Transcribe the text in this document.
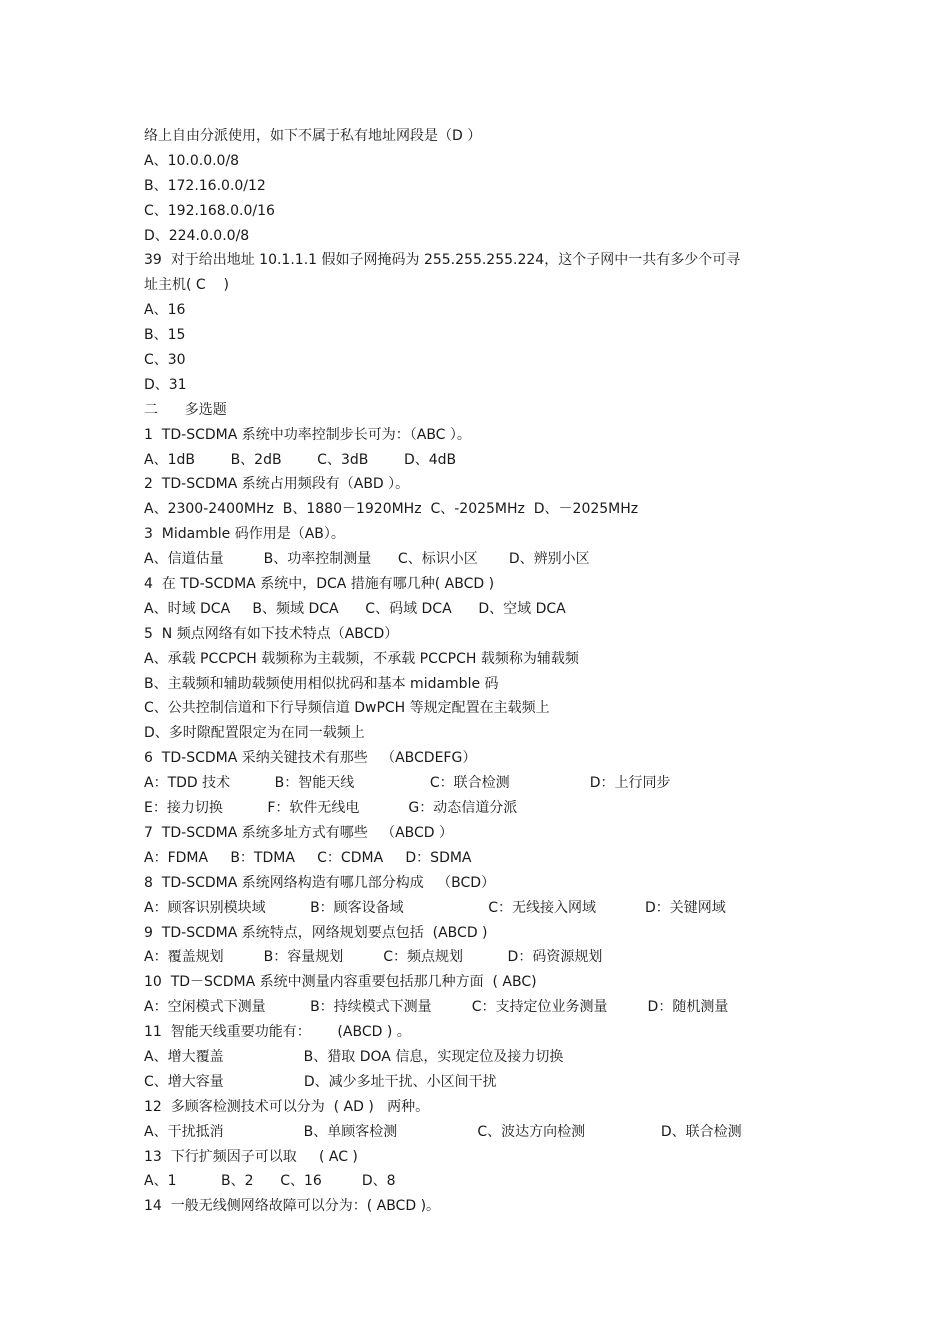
络上自由分派使用，如下不属于私有地址网段是（D ）
A、10.0.0.0/8
B、172.16.0.0/12
C、192.168.0.0/16
D、224.0.0.0/8
39  对于给出地址 10.1.1.1 假如子网掩码为 255.255.255.224，这个子网中一共有多少个可寻
址主机( C    )
A、16
B、15
C、30
D、31
二      多选题
1  TD-SCDMA 系统中功率控制步长可为：（ABC ）。
A、1dB        B、2dB        C、3dB        D、4dB
2  TD-SCDMA 系统占用频段有（ABD ）。
A、2300-2400MHz  B、1880－1920MHz  C、-2025MHz  D、－2025MHz
3  Midamble 码作用是（AB）。
A、信道估量         B、功率控制测量      C、标识小区       D、辨别小区
4  在 TD-SCDMA 系统中，DCA 措施有哪几种( ABCD )
A、时域 DCA     B、频域 DCA      C、码域 DCA      D、空域 DCA
5  N 频点网络有如下技术特点（ABCD）
A、承载 PCCPCH 载频称为主载频，不承载 PCCPCH 载频称为辅载频
B、主载频和辅助载频使用相似扰码和基本 midamble 码
C、公共控制信道和下行导频信道 DwPCH 等规定配置在主载频上
D、多时隙配置限定为在同一载频上
6  TD-SCDMA 采纳关键技术有那些   （ABCDEFG）
A：TDD 技术          B：智能天线                 C：联合检测                  D：上行同步
E：接力切换          F：软件无线电           G：动态信道分派
7  TD-SCDMA 系统多址方式有哪些   （ABCD ）
A：FDMA     B：TDMA     C：CDMA     D：SDMA
8  TD-SCDMA 系统网络构造有哪几部分构成   （BCD）
A：顾客识别模块域          B：顾客设备域                   C：无线接入网域           D：关键网域
9  TD-SCDMA 系统特点，网络规划要点包括  (ABCD )
A：覆盖规划         B：容量规划         C：频点规划          D：码资源规划
10  TD－SCDMA 系统中测量内容重要包括那几种方面  ( ABC)
A：空闲模式下测量          B：持续模式下测量         C：支持定位业务测量         D：随机测量
11  智能天线重要功能有：      (ABCD ) 。
A、增大覆盖                  B、猎取 DOA 信息，实现定位及接力切换
C、增大容量                  D、减少多址干扰、小区间干扰
12  多顾客检测技术可以分为  ( AD )   两种。
A、干扰抵消                  B、单顾客检测                  C、波达方向检测                 D、联合检测
13  下行扩频因子可以取     ( AC )
A、1          B、2      C、16         D、8
14  一般无线侧网络故障可以分为：( ABCD )。
